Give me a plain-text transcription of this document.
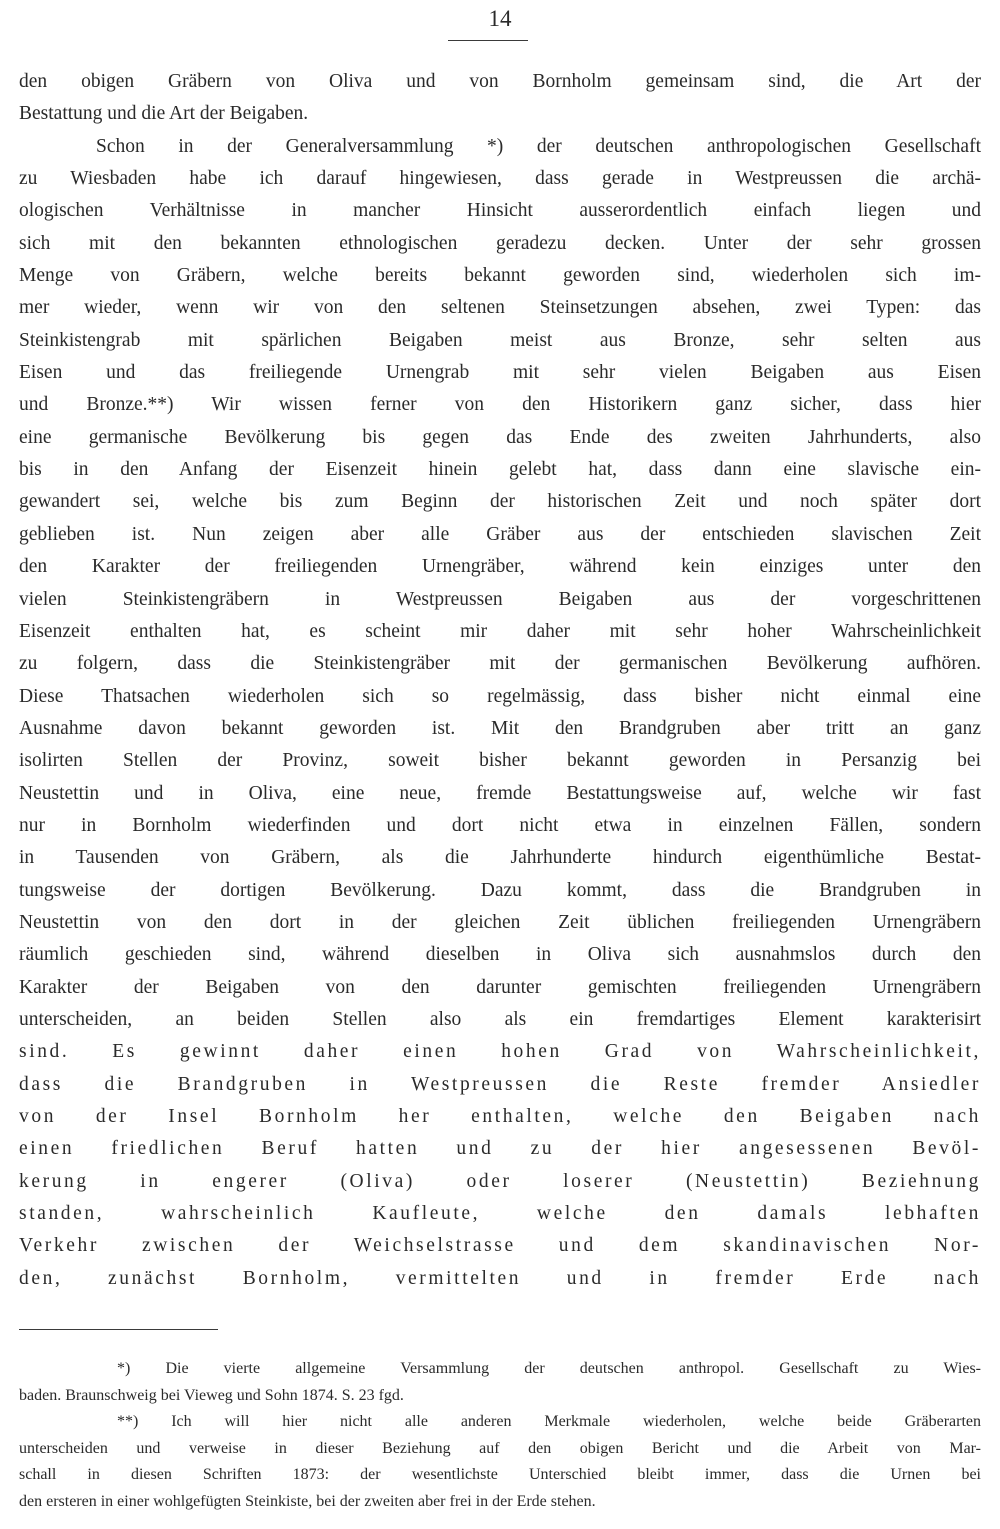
14
den obigen Gräbern von Oliva und von Bornholm gemeinsam sind, die Art der
Bestattung und die Art der Beigaben.
Schon in der Generalversammlung *) der deutschen anthropologischen Gesellschaft
zu Wiesbaden habe ich darauf hingewiesen, dass gerade in Westpreussen die archä-
ologischen Verhältnisse in mancher Hinsicht ausserordentlich einfach liegen und
sich mit den bekannten ethnologischen geradezu decken. Unter der sehr grossen
Menge von Gräbern, welche bereits bekannt geworden sind, wiederholen sich im-
mer wieder, wenn wir von den seltenen Steinsetzungen absehen, zwei Typen: das
Steinkistengrab mit spärlichen Beigaben meist aus Bronze, sehr selten aus
Eisen und das freiliegende Urnengrab mit sehr vielen Beigaben aus Eisen
und Bronze.**) Wir wissen ferner von den Historikern ganz sicher, dass hier
eine germanische Bevölkerung bis gegen das Ende des zweiten Jahrhunderts, also
bis in den Anfang der Eisenzeit hinein gelebt hat, dass dann eine slavische ein-
gewandert sei, welche bis zum Beginn der historischen Zeit und noch später dort
geblieben ist. Nun zeigen aber alle Gräber aus der entschieden slavischen Zeit
den Karakter der freiliegenden Urnengräber, während kein einziges unter den
vielen Steinkistengräbern in Westpreussen Beigaben aus der vorgeschrittenen
Eisenzeit enthalten hat, es scheint mir daher mit sehr hoher Wahrscheinlichkeit
zu folgern, dass die Steinkistengräber mit der germanischen Bevölkerung aufhören.
Diese Thatsachen wiederholen sich so regelmässig, dass bisher nicht einmal eine
Ausnahme davon bekannt geworden ist. Mit den Brandgruben aber tritt an ganz
isolirten Stellen der Provinz, soweit bisher bekannt geworden in Persanzig bei
Neustettin und in Oliva, eine neue, fremde Bestattungsweise auf, welche wir fast
nur in Bornholm wiederfinden und dort nicht etwa in einzelnen Fällen, sondern
in Tausenden von Gräbern, als die Jahrhunderte hindurch eigenthümliche Bestat-
tungsweise der dortigen Bevölkerung. Dazu kommt, dass die Brandgruben in
Neustettin von den dort in der gleichen Zeit üblichen freiliegenden Urnengräbern
räumlich geschieden sind, während dieselben in Oliva sich ausnahmslos durch den
Karakter der Beigaben von den darunter gemischten freiliegenden Urnengräbern
unterscheiden, an beiden Stellen also als ein fremdartiges Element karakterisirt
sind. Es gewinnt daher einen hohen Grad von Wahrscheinlichkeit,
dass die Brandgruben in Westpreussen die Reste fremder Ansiedler
von der Insel Bornholm her enthalten, welche den Beigaben nach
einen friedlichen Beruf hatten und zu der hier angesessenen Bevöl-
kerung in engerer (Oliva) oder loserer (Neustettin) Beziehnung
standen, wahrscheinlich Kaufleute, welche den damals lebhaften
Verkehr zwischen der Weichselstrasse und dem skandinavischen Nor-
den, zunächst Bornholm, vermittelten und in fremder Erde nach
*) Die vierte allgemeine Versammlung der deutschen anthropol. Gesellschaft zu Wies-
baden. Braunschweig bei Vieweg und Sohn 1874. S. 23 fgd.
**) Ich will hier nicht alle anderen Merkmale wiederholen, welche beide Gräberarten
unterscheiden und verweise in dieser Beziehung auf den obigen Bericht und die Arbeit von Mar-
schall in diesen Schriften 1873: der wesentlichste Unterschied bleibt immer, dass die Urnen bei
den ersteren in einer wohlgefügten Steinkiste, bei der zweiten aber frei in der Erde stehen.
